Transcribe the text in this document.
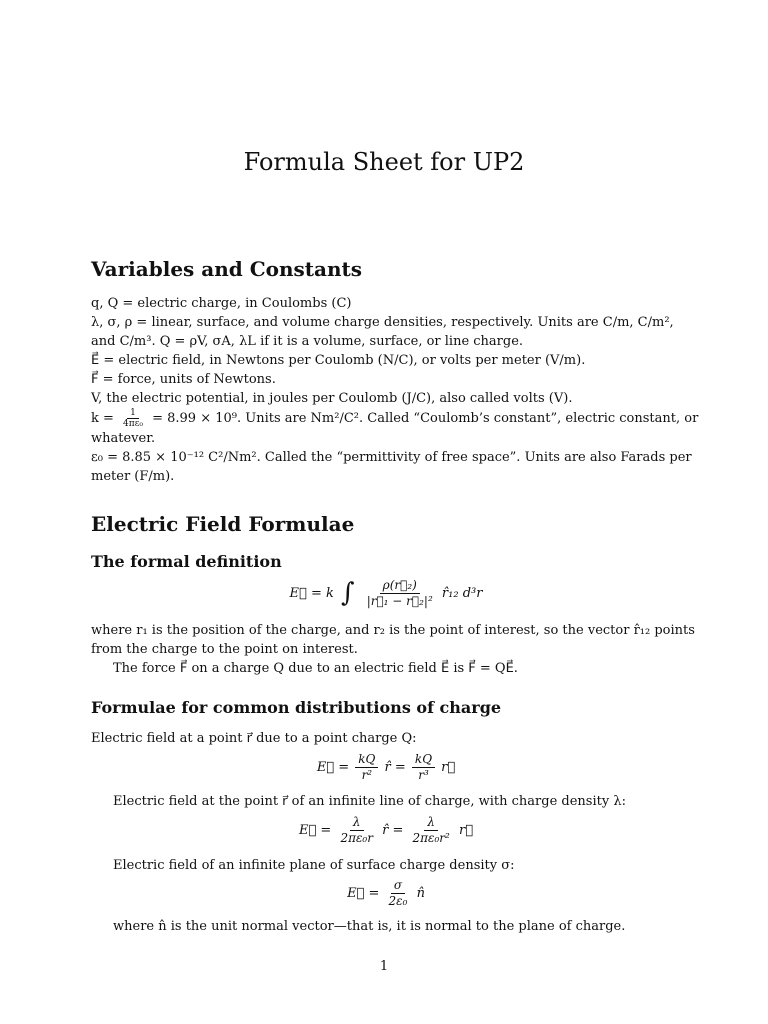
Formula Sheet for UP2
Variables and Constants
q, Q = electric charge, in Coulombs (C)
λ, σ, ρ = linear, surface, and volume charge densities, respectively. Units are C/m, C/m²,
and C/m³. Q = ρV, σA, λL if it is a volume, surface, or line charge.
E⃗ = electric field, in Newtons per Coulomb (N/C), or volts per meter (V/m).
F⃗ = force, units of Newtons.
V, the electric potential, in joules per Coulomb (J/C), also called volts (V).
$k = \frac{1}{\text{4πε₀}} = 8.99 \times 10^9$. Units are Nm²/C². Called “Coulomb’s constant”, electric constant, or
whatever.
ε₀ = 8.85 × 10⁻¹² C²/Nm². Called the “permittivity of free space”. Units are also Farads per
meter (F/m).
Electric Field Formulae
The formal definition
E⃗ = k ∫ $\frac{\text{ρ(r⃗₂)}}{\text{|r⃗₁ − r⃗₂|²}}$ r̂₁₂ d³r
where r₁ is the position of the charge, and r₂ is the point of interest, so the vector r̂₁₂ points
from the charge to the point on interest.
The force F⃗ on a charge Q due to an electric field E⃗ is F⃗ = QE⃗.
Formulae for common distributions of charge
Electric field at a point r⃗ due to a point charge Q:
E⃗ = $\frac{kQ}{\text{r²}}$ r̂ = $\frac{kQ}{\text{r³}}$ r⃗
Electric field at the point r⃗ of an infinite line of charge, with charge density λ:
E⃗ = $\frac{\lambda}{\text{2πε₀r}}$ r̂ = $\frac{\lambda}{\text{2πε₀r²}}$ r⃗
Electric field of an infinite plane of surface charge density σ:
E⃗ = $\frac{\sigma}{\text{2ε₀}}$ n̂
where n̂ is the unit normal vector—that is, it is normal to the plane of charge.
1
